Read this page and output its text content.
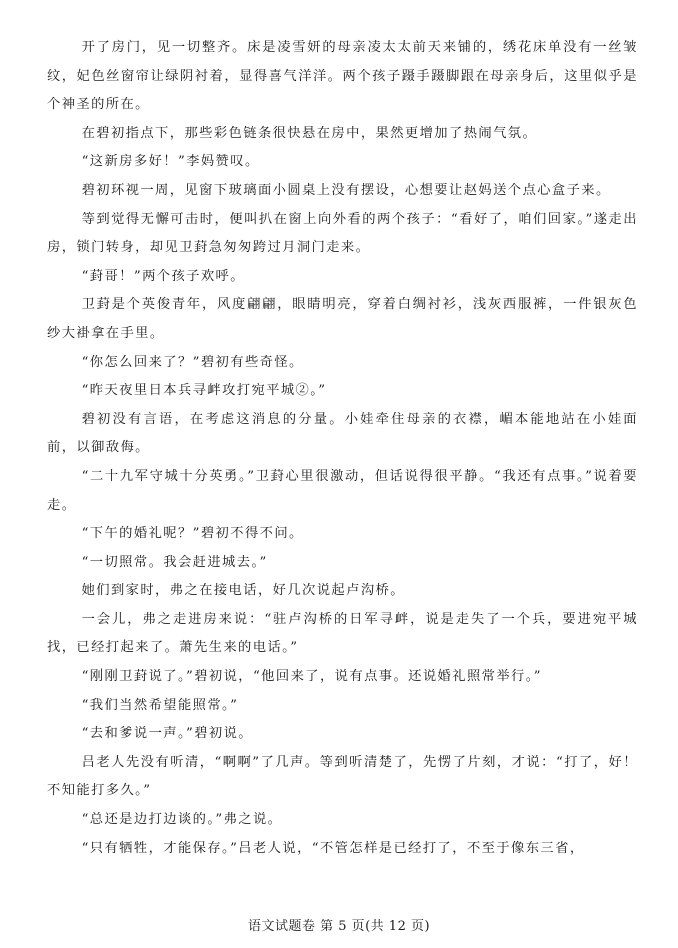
开了房门，见一切整齐。床是凌雪妍的母亲凌太太前天来铺的，绣花床单没有一丝皱纹，妃色丝窗帘让绿阴衬着，显得喜气洋洋。两个孩子蹑手蹑脚跟在母亲身后，这里似乎是个神圣的所在。

在碧初指点下，那些彩色链条很快悬在房中，果然更增加了热闹气氛。

“这新房多好！”李妈赞叹。

碧初环视一周，见窗下玻璃面小圆桌上没有摆设，心想要让赵妈送个点心盒子来。

等到觉得无懈可击时，便叫扒在窗上向外看的两个孩子：“看好了，咱们回家。”遂走出房，锁门转身，却见卫葑急匆匆跨过月洞门走来。

“葑哥！”两个孩子欢呼。

卫葑是个英俊青年，风度翩翩，眼睛明亮，穿着白绸衬衫，浅灰西服裤，一件银灰色纱大褂拿在手里。

“你怎么回来了？”碧初有些奇怪。

“昨天夜里日本兵寻衅攻打宛平城②。”

碧初没有言语，在考虑这消息的分量。小娃牵住母亲的衣襟，嵋本能地站在小娃面前，以御敌侮。

“二十九军守城十分英勇。”卫葑心里很激动，但话说得很平静。“我还有点事。”说着要走。

“下午的婚礼呢？”碧初不得不问。

“一切照常。我会赶进城去。”

她们到家时，弗之在接电话，好几次说起卢沟桥。

一会儿，弗之走进房来说：“驻卢沟桥的日军寻衅，说是走失了一个兵，要进宛平城找，已经打起来了。萧先生来的电话。”

“刚刚卫葑说了。”碧初说，“他回来了，说有点事。还说婚礼照常举行。”

“我们当然希望能照常。”

“去和爹说一声。”碧初说。

吕老人先没有听清，“啊啊”了几声。等到听清楚了，先愣了片刻，才说：“打了，好！不知能打多久。”

“总还是边打边谈的。”弗之说。

“只有牺牲，才能保存。”吕老人说，“不管怎样是已经打了，不至于像东三省，

语文试题卷 第 5 页(共 12 页)
